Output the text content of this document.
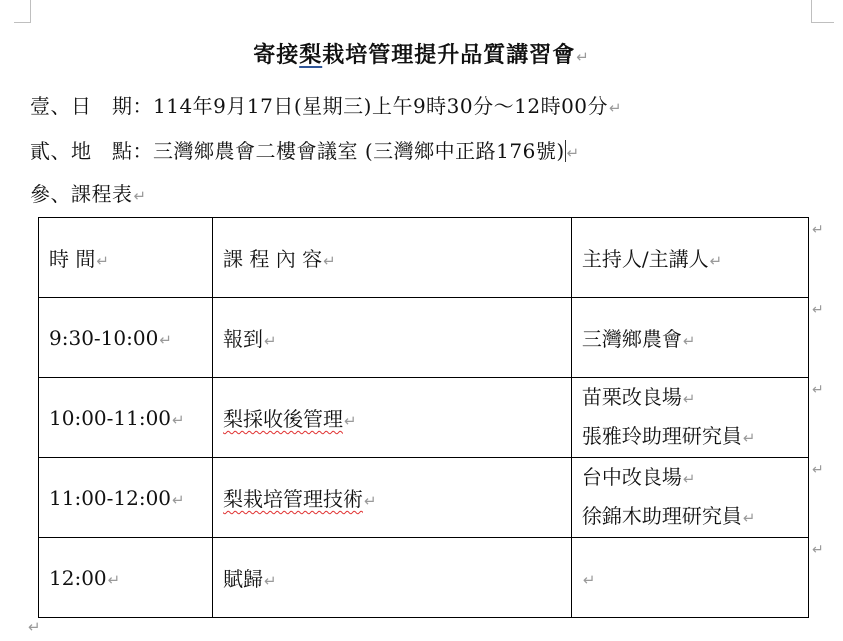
寄接梨栽培管理提升品質講習會↵
壹、日　期：114年9月17日(星期三)上午9時30分～12時00分↵
貳、地　點：三灣鄉農會二樓會議室 (三灣鄉中正路176號) ↵
參、課程表↵
時 間↵	課 程 內 容↵	主持人/主講人↵
9:30-10:00↵	報到↵	三灣鄉農會↵
10:00-11:00↵	梨採收後管理↵	苗栗改良場↵
張雅玲助理研究員↵

11:00-12:00↵	梨栽培管理技術↵	台中改良場↵
徐錦木助理研究員↵

12:00↵	賦歸↵	↵
↵
↵
↵
↵
↵
↵
